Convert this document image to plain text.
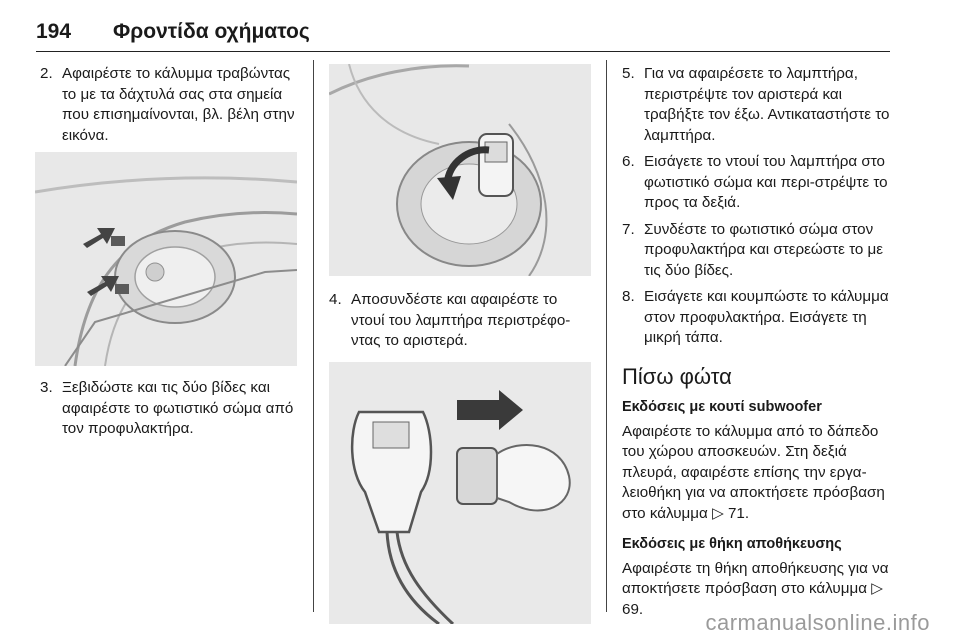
194 Φροντίδα οχήματος
2. Αφαιρέστε το κάλυμμα τραβώντας το με τα δάχτυλά σας στα σημεία που επισημαίνονται, βλ. βέλη στην εικόνα.
3. Ξεβιδώστε και τις δύο βίδες και αφαιρέστε το φωτιστικό σώμα από τον προφυλακτήρα.
4. Αποσυνδέστε και αφαιρέστε το ντουί του λαμπτήρα περιστρέφο-ντας το αριστερά.
5. Για να αφαιρέσετε το λαμπτήρα, περιστρέψτε τον αριστερά και τραβήξτε τον έξω. Αντικαταστήστε το λαμπτήρα.
6. Εισάγετε το ντουί του λαμπτήρα στο φωτιστικό σώμα και περι-στρέψτε το προς τα δεξιά.
7. Συνδέστε το φωτιστικό σώμα στον προφυλακτήρα και στερεώστε το με τις δύο βίδες.
8. Εισάγετε και κουμπώστε το κάλυμμα στον προφυλακτήρα. Εισάγετε τη μικρή τάπα.
Πίσω φώτα
Εκδόσεις με κουτί subwoofer

Αφαιρέστε το κάλυμμα από το δάπεδο του χώρου αποσκευών. Στη δεξιά πλευρά, αφαιρέστε επίσης την εργα-λειοθήκη για να αποκτήσετε πρόσβαση στο κάλυμμα ▷ 71.

Εκδόσεις με θήκη αποθήκευσης

Αφαιρέστε τη θήκη αποθήκευσης για να αποκτήσετε πρόσβαση στο κάλυμμα ▷ 69.

carmanualsonline.info
